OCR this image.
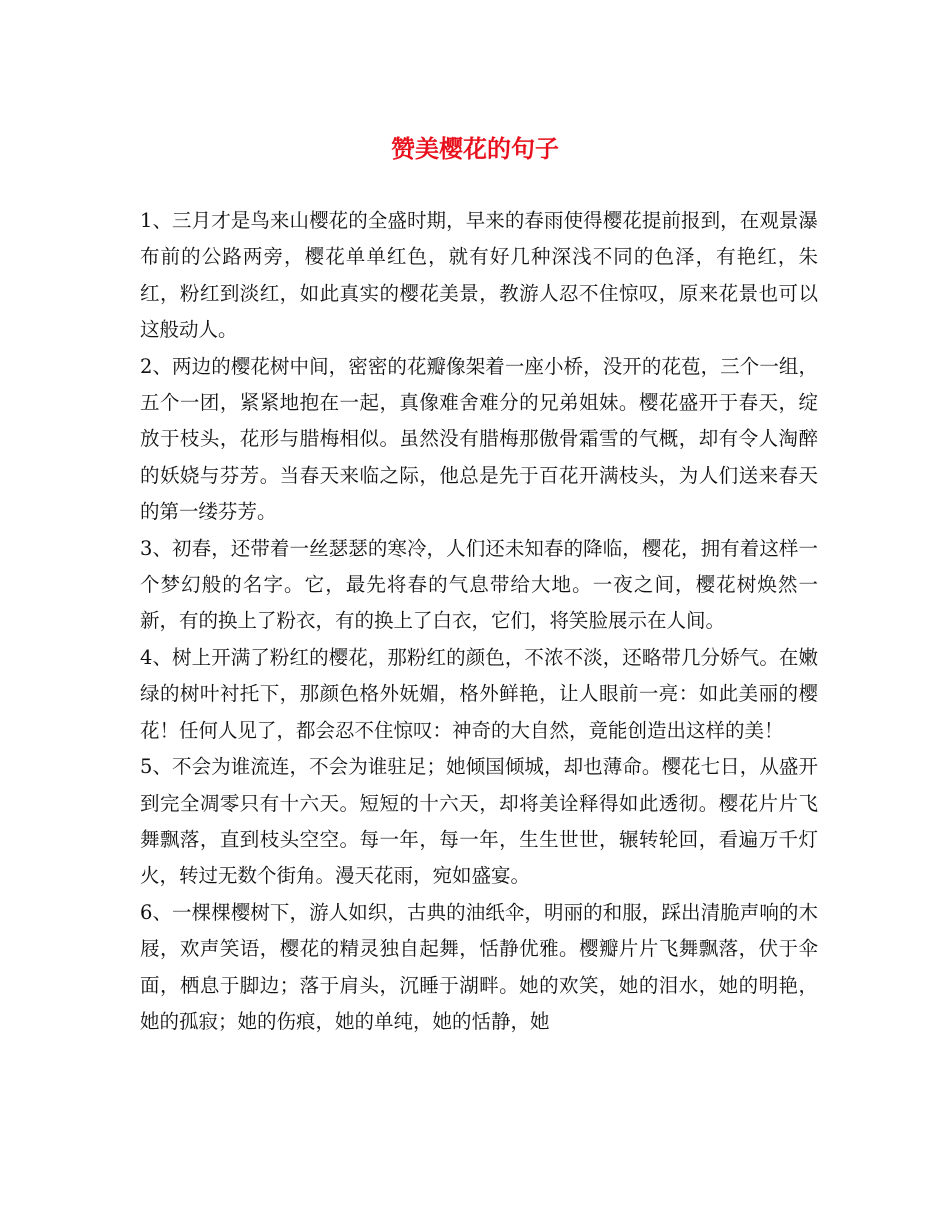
赞美樱花的句子

1、三月才是鸟来山樱花的全盛时期，早来的春雨使得樱花提前报到，在观景瀑布前的公路两旁，樱花单单红色，就有好几种深浅不同的色泽，有艳红，朱红，粉红到淡红，如此真实的樱花美景，教游人忍不住惊叹，原来花景也可以这般动人。

2、两边的樱花树中间，密密的花瓣像架着一座小桥，没开的花苞，三个一组，五个一团，紧紧地抱在一起，真像难舍难分的兄弟姐妹。樱花盛开于春天，绽放于枝头，花形与腊梅相似。虽然没有腊梅那傲骨霜雪的气概，却有令人淘醉的妖娆与芬芳。当春天来临之际，他总是先于百花开满枝头，为人们送来春天的第一缕芬芳。

3、初春，还带着一丝瑟瑟的寒冷，人们还未知春的降临，樱花，拥有着这样一个梦幻般的名字。它，最先将春的气息带给大地。一夜之间，樱花树焕然一新，有的换上了粉衣，有的换上了白衣，它们，将笑脸展示在人间。

4、树上开满了粉红的樱花，那粉红的颜色，不浓不淡，还略带几分娇气。在嫩绿的树叶衬托下，那颜色格外妩媚，格外鲜艳，让人眼前一亮：如此美丽的樱花！任何人见了，都会忍不住惊叹：神奇的大自然，竟能创造出这样的美！

5、不会为谁流连，不会为谁驻足；她倾国倾城，却也薄命。樱花七日，从盛开到完全凋零只有十六天。短短的十六天，却将美诠释得如此透彻。樱花片片飞舞飘落，直到枝头空空。每一年，每一年，生生世世，辗转轮回，看遍万千灯火，转过无数个街角。漫天花雨，宛如盛宴。

6、一棵棵樱树下，游人如织，古典的油纸伞，明丽的和服，踩出清脆声响的木屐，欢声笑语，樱花的精灵独自起舞，恬静优雅。樱瓣片片飞舞飘落，伏于伞面，栖息于脚边；落于肩头，沉睡于湖畔。她的欢笑，她的泪水，她的明艳，她的孤寂；她的伤痕，她的单纯，她的恬静，她
